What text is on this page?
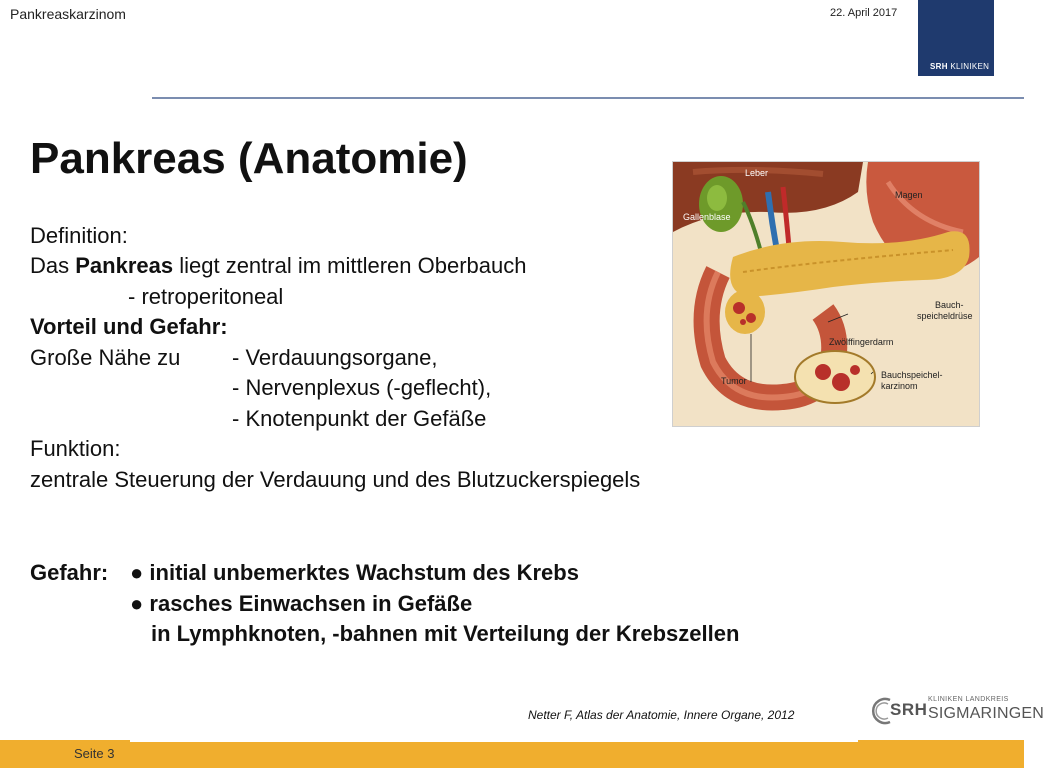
Pankreaskarzinom	22. April 2017
SRH KLINIKEN
Pankreas (Anatomie)
Definition:
Das Pankreas liegt zentral im mittleren Oberbauch
- retroperitoneal
Vorteil und Gefahr:
Große Nähe zu - Verdauungsorgane,
- Nervenplexus (-geflecht),
- Knotenpunkt der Gefäße
Funktion:
zentrale Steuerung der Verdauung und des Blutzuckerspiegels
Gefahr: ● initial unbemerktes Wachstum des Krebs
● rasches Einwachsen in Gefäße
in Lymphknoten, -bahnen mit Verteilung der Krebszellen
Leber
Magen
Gallenblase
Bauch-
speicheldrüse
Zwölffingerdarm
Tumor
Bauchspeichel-
karzinom
Netter F, Atlas der Anatomie, Innere Organe, 2012	SRH
KLINIKEN LANDKREIS
SIGMARINGEN
Seite 3
